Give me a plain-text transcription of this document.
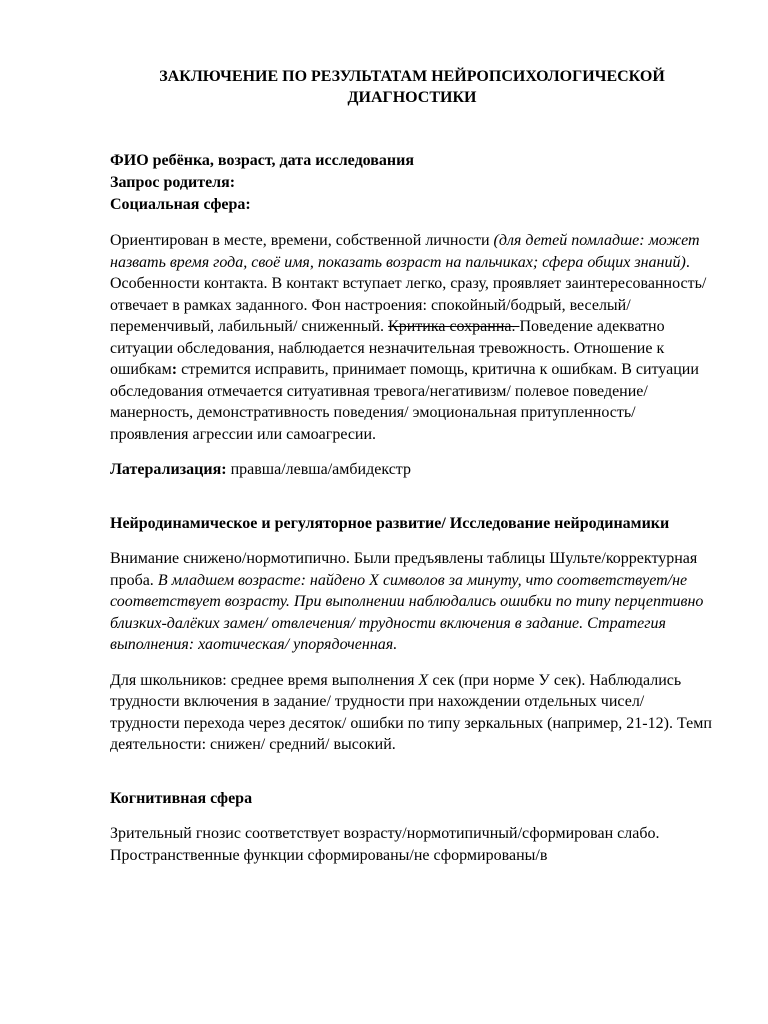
ЗАКЛЮЧЕНИЕ ПО РЕЗУЛЬТАТАМ НЕЙРОПСИХОЛОГИЧЕСКОЙ
ДИАГНОСТИКИ
ФИО ребёнка, возраст, дата исследования
Запрос родителя:
Социальная сфера:

Ориентирован в месте, времени, собственной личности (для детей помладше: может назвать время года, своё имя, показать возраст на пальчиках; сфера общих знаний). Особенности контакта. В контакт вступает легко, сразу, проявляет заинтересованность/ отвечает в рамках заданного. Фон настроения: спокойный/бодрый, веселый/переменчивый, лабильный/ сниженный. Критика сохранна. Поведение адекватно ситуации обследования, наблюдается незначительная тревожность. Отношение к ошибкам: стремится исправить, принимает помощь, критична к ошибкам. В ситуации обследования отмечается ситуативная тревога/негативизм/ полевое поведение/ манерность, демонстративность поведения/ эмоциональная притупленность/ проявления агрессии или самоагресии.

Латерализация: правша/левша/амбидекстр

Нейродинамическое и регуляторное развитие/ Исследование нейродинамики

Внимание снижено/нормотипично. Были предъявлены таблицы Шульте/корректурная проба. В младшем возрасте: найдено Х символов за минуту, что соответствует/не соответствует возрасту. При выполнении наблюдались ошибки по типу перцептивно близких-далёких замен/ отвлечения/ трудности включения в задание. Стратегия выполнения: хаотическая/ упорядоченная.

Для школьников: среднее время выполнения Х сек (при норме У сек). Наблюдались трудности включения в задание/ трудности при нахождении отдельных чисел/ трудности перехода через десяток/ ошибки по типу зеркальных (например, 21-12). Темп деятельности: снижен/ средний/ высокий.

Когнитивная сфера

Зрительный гнозис соответствует возрасту/нормотипичный/сформирован слабо. Пространственные функции сформированы/не сформированы/в
